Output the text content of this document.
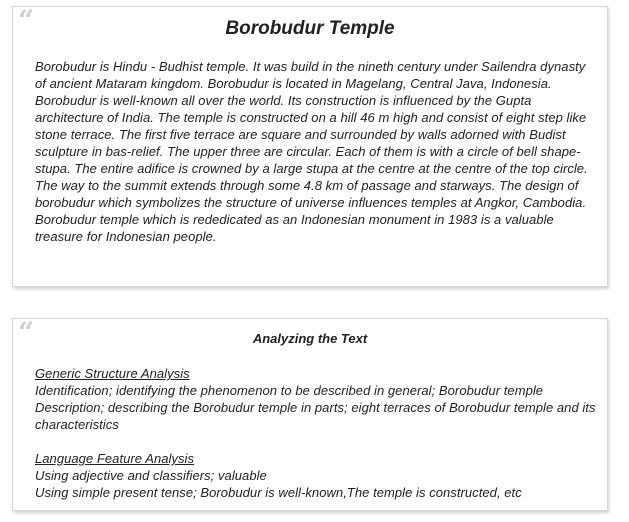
“	Borobudur Temple

Borobudur is Hindu - Budhist temple. It was build in the nineth century under Sailendra dynasty of ancient Mataram kingdom. Borobudur is located in Magelang, Central Java, Indonesia.

Borobudur is well-known all over the world. Its construction is influenced by the Gupta architecture of India. The temple is constructed on a hill 46 m high and consist of eight step like stone terrace. The first five terrace are square and surrounded by walls adorned with Budist sculpture in bas-relief. The upper three are circular. Each of them is with a circle of bell shape-stupa. The entire adifice is crowned by a large stupa at the centre at the centre of the top circle. The way to the summit extends through some 4.8 km of passage and starways. The design of borobudur which symbolizes the structure of universe influences temples at Angkor, Cambodia.

Borobudur temple which is rededicated as an Indonesian monument in 1983 is a valuable treasure for Indonesian people.

“	Analyzing the Text

Generic Structure Analysis

Identification; identifying the phenomenon to be described in general; Borobudur temple

Description; describing the Borobudur temple in parts; eight terraces of Borobudur temple and its characteristics

Language Feature Analysis

Using adjective and classifiers; valuable

Using simple present tense; Borobudur is well-known,The temple is constructed, etc
